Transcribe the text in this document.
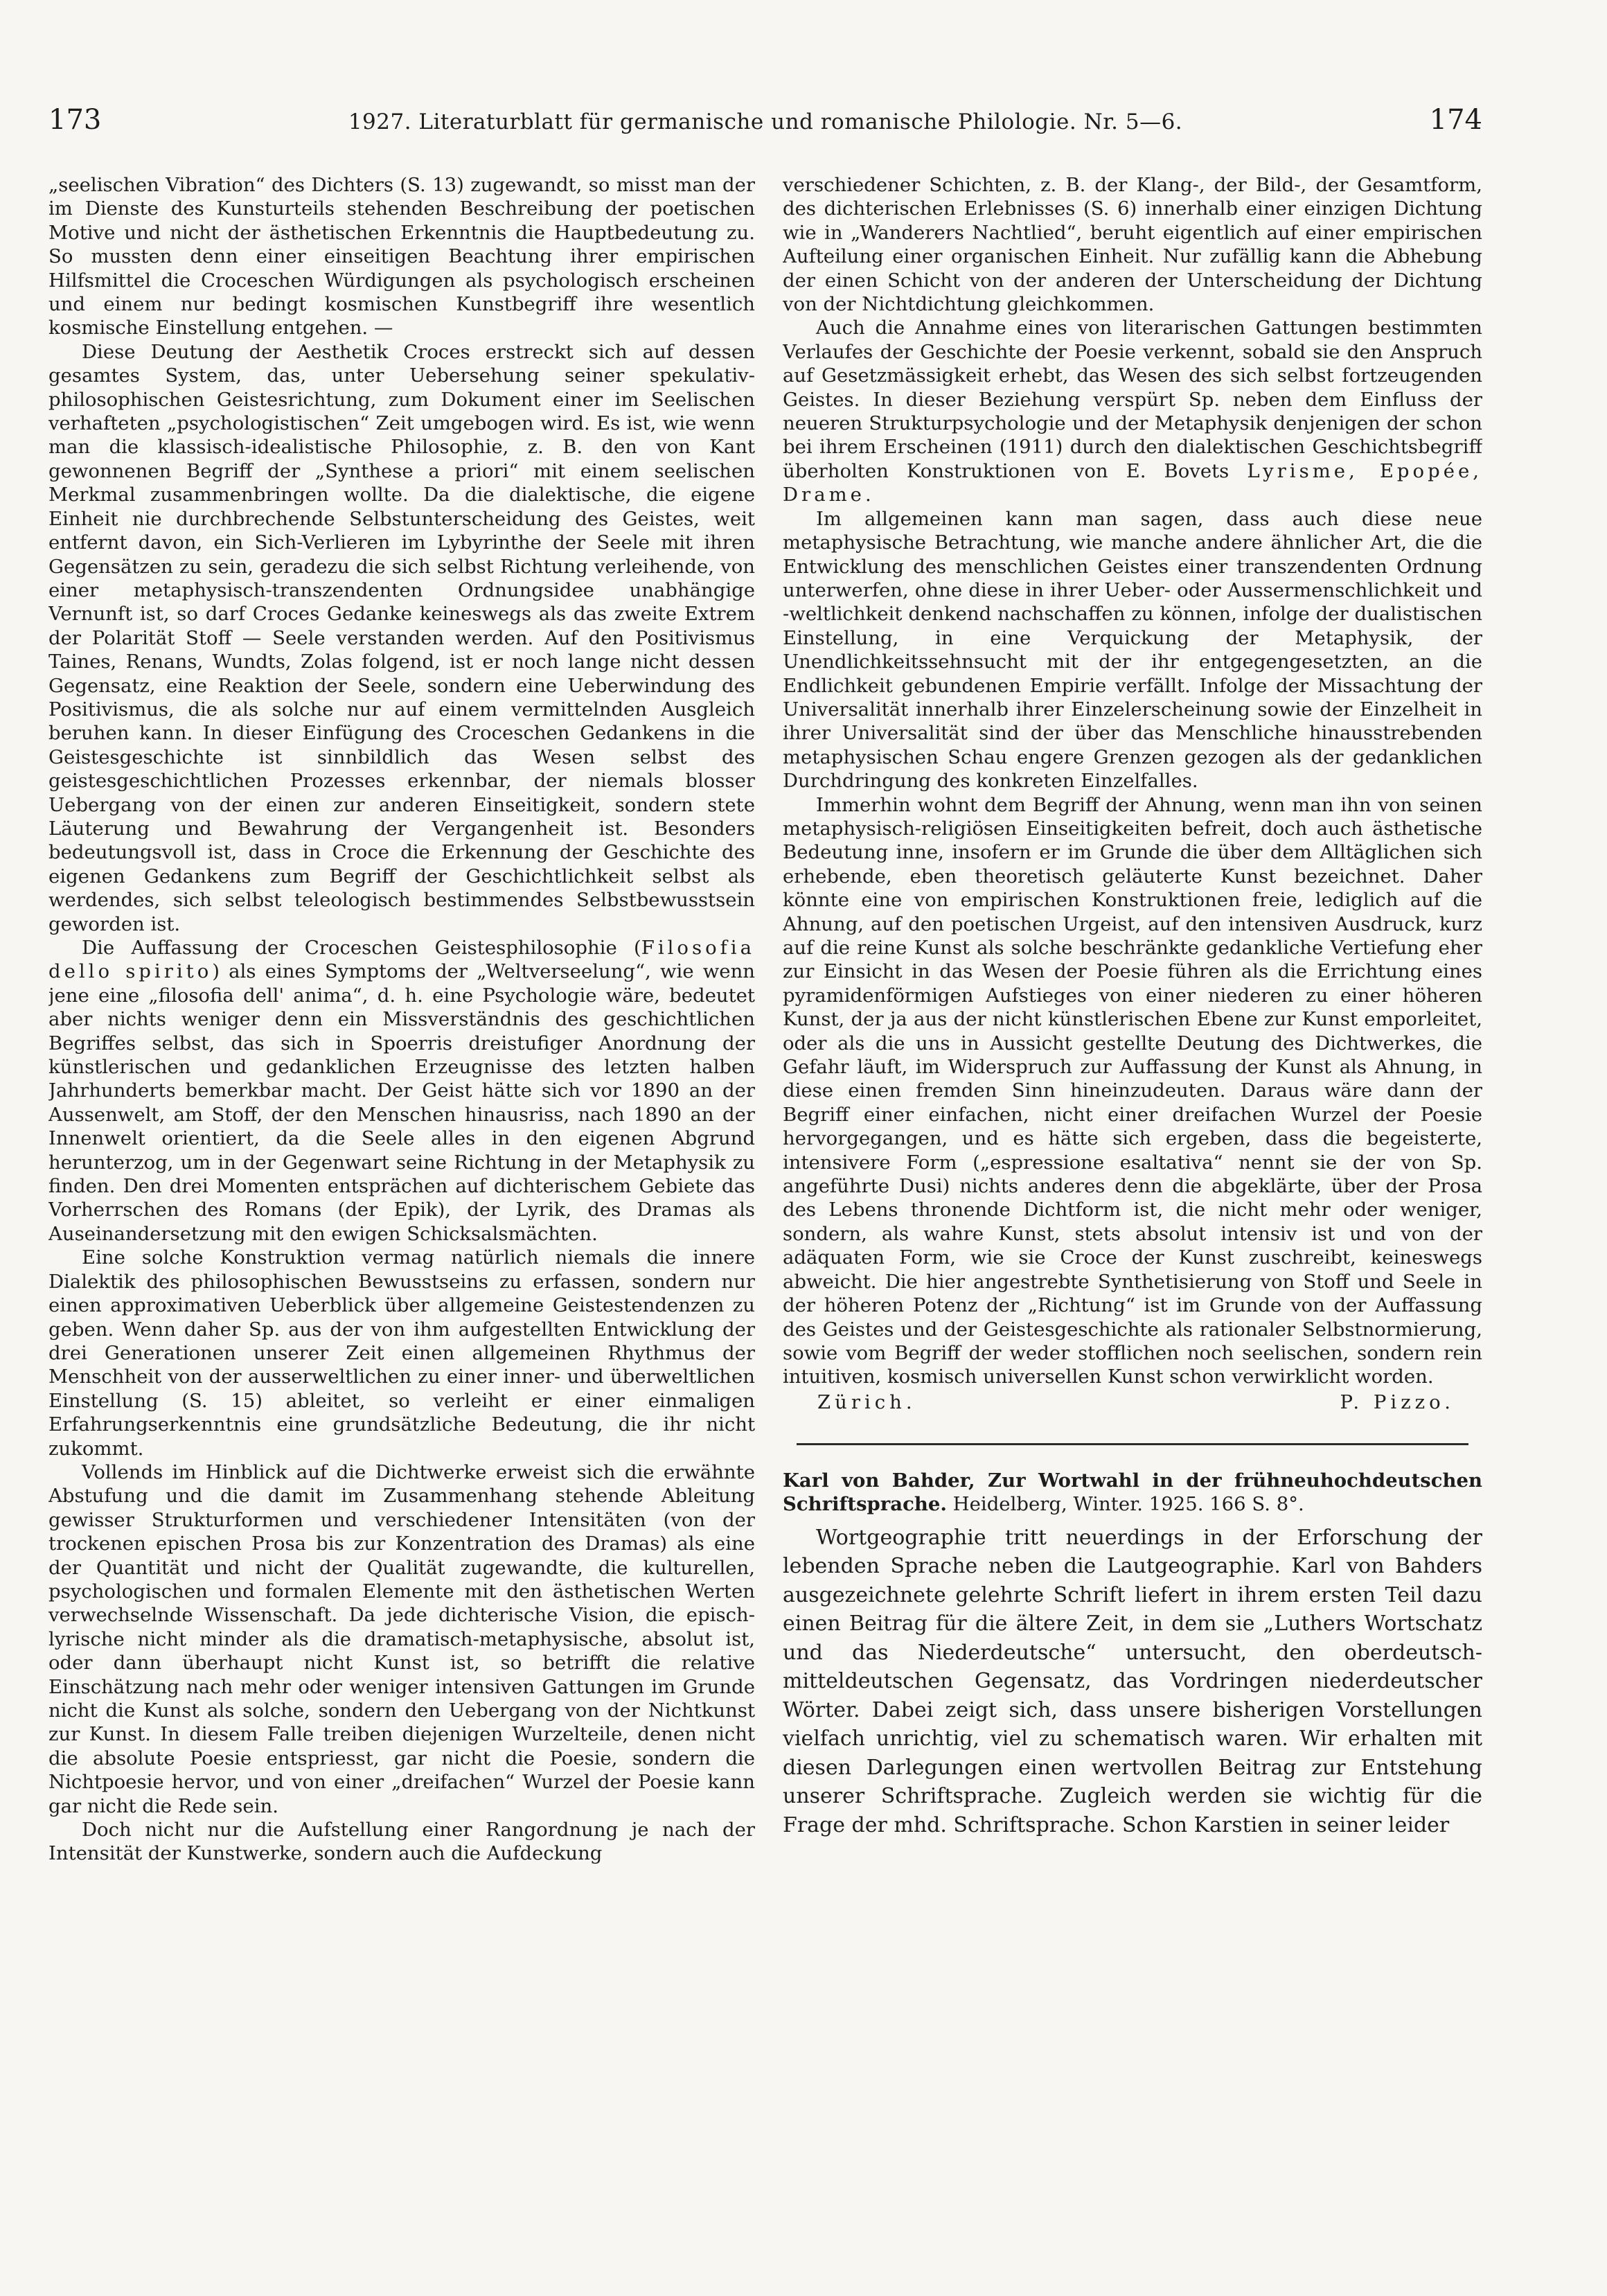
173	1927. Literaturblatt für germanische und romanische Philologie. Nr. 5—6.	174

„seelischen Vibration“ des Dichters (S. 13) zugewandt, so misst man der im Dienste des Kunsturteils stehenden Beschreibung der poetischen Motive und nicht der ästhetischen Erkenntnis die Hauptbedeutung zu. So mussten denn einer einseitigen Beachtung ihrer empirischen Hilfsmittel die Croceschen Würdigungen als psychologisch erscheinen und einem nur bedingt kosmischen Kunstbegriff ihre wesentlich kosmische Einstellung entgehen. —

Diese Deutung der Aesthetik Croces erstreckt sich auf dessen gesamtes System, das, unter Uebersehung seiner spekulativ-philosophischen Geistesrichtung, zum Dokument einer im Seelischen verhafteten „psychologistischen“ Zeit umgebogen wird. Es ist, wie wenn man die klassisch-idealistische Philosophie, z. B. den von Kant gewonnenen Begriff der „Synthese a priori“ mit einem seelischen Merkmal zusammenbringen wollte. Da die dialektische, die eigene Einheit nie durchbrechende Selbstunterscheidung des Geistes, weit entfernt davon, ein Sich-Verlieren im Lybyrinthe der Seele mit ihren Gegensätzen zu sein, geradezu die sich selbst Richtung verleihende, von einer metaphysisch-transzendenten Ordnungsidee unabhängige Vernunft ist, so darf Croces Gedanke keineswegs als das zweite Extrem der Polarität Stoff — Seele verstanden werden. Auf den Positivismus Taines, Renans, Wundts, Zolas folgend, ist er noch lange nicht dessen Gegensatz, eine Reaktion der Seele, sondern eine Ueberwindung des Positivismus, die als solche nur auf einem vermittelnden Ausgleich beruhen kann. In dieser Einfügung des Croceschen Gedankens in die Geistesgeschichte ist sinnbildlich das Wesen selbst des geistesgeschichtlichen Prozesses erkennbar, der niemals blosser Uebergang von der einen zur anderen Einseitigkeit, sondern stete Läuterung und Bewahrung der Vergangenheit ist. Besonders bedeutungsvoll ist, dass in Croce die Erkennung der Geschichte des eigenen Gedankens zum Begriff der Geschichtlichkeit selbst als werdendes, sich selbst teleologisch bestimmendes Selbstbewusstsein geworden ist.

Die Auffassung der Croceschen Geistesphilosophie (Filosofia dello spirito) als eines Symptoms der „Weltverseelung“, wie wenn jene eine „filosofia dell' anima“, d. h. eine Psychologie wäre, bedeutet aber nichts weniger denn ein Missverständnis des geschichtlichen Begriffes selbst, das sich in Spoerris dreistufiger Anordnung der künstlerischen und gedanklichen Erzeugnisse des letzten halben Jahrhunderts bemerkbar macht. Der Geist hätte sich vor 1890 an der Aussenwelt, am Stoff, der den Menschen hinausriss, nach 1890 an der Innenwelt orientiert, da die Seele alles in den eigenen Abgrund herunterzog, um in der Gegenwart seine Richtung in der Metaphysik zu finden. Den drei Momenten entsprächen auf dichterischem Gebiete das Vorherrschen des Romans (der Epik), der Lyrik, des Dramas als Auseinandersetzung mit den ewigen Schicksalsmächten.

Eine solche Konstruktion vermag natürlich niemals die innere Dialektik des philosophischen Bewusstseins zu erfassen, sondern nur einen approximativen Ueberblick über allgemeine Geistestendenzen zu geben. Wenn daher Sp. aus der von ihm aufgestellten Entwicklung der drei Generationen unserer Zeit einen allgemeinen Rhythmus der Menschheit von der ausserweltlichen zu einer inner- und überweltlichen Einstellung (S. 15) ableitet, so verleiht er einer einmaligen Erfahrungserkenntnis eine grundsätzliche Bedeutung, die ihr nicht zukommt.

Vollends im Hinblick auf die Dichtwerke erweist sich die erwähnte Abstufung und die damit im Zusammenhang stehende Ableitung gewisser Strukturformen und verschiedener Intensitäten (von der trockenen epischen Prosa bis zur Konzentration des Dramas) als eine der Quantität und nicht der Qualität zugewandte, die kulturellen, psychologischen und formalen Elemente mit den ästhetischen Werten verwechselnde Wissenschaft. Da jede dichterische Vision, die episch-lyrische nicht minder als die dramatisch-metaphysische, absolut ist, oder dann überhaupt nicht Kunst ist, so betrifft die relative Einschätzung nach mehr oder weniger intensiven Gattungen im Grunde nicht die Kunst als solche, sondern den Uebergang von der Nichtkunst zur Kunst. In diesem Falle treiben diejenigen Wurzelteile, denen nicht die absolute Poesie entspriesst, gar nicht die Poesie, sondern die Nichtpoesie hervor, und von einer „dreifachen“ Wurzel der Poesie kann gar nicht die Rede sein.

Doch nicht nur die Aufstellung einer Rangordnung je nach der Intensität der Kunstwerke, sondern auch die Aufdeckung

verschiedener Schichten, z. B. der Klang-, der Bild-, der Gesamtform, des dichterischen Erlebnisses (S. 6) innerhalb einer einzigen Dichtung wie in „Wanderers Nachtlied“, beruht eigentlich auf einer empirischen Aufteilung einer organischen Einheit. Nur zufällig kann die Abhebung der einen Schicht von der anderen der Unterscheidung der Dichtung von der Nichtdichtung gleichkommen.

Auch die Annahme eines von literarischen Gattungen bestimmten Verlaufes der Geschichte der Poesie verkennt, sobald sie den Anspruch auf Gesetzmässigkeit erhebt, das Wesen des sich selbst fortzeugenden Geistes. In dieser Beziehung verspürt Sp. neben dem Einfluss der neueren Strukturpsychologie und der Metaphysik denjenigen der schon bei ihrem Erscheinen (1911) durch den dialektischen Geschichtsbegriff überholten Konstruktionen von E. Bovets Lyrisme, Epopée, Drame.

Im allgemeinen kann man sagen, dass auch diese neue metaphysische Betrachtung, wie manche andere ähnlicher Art, die die Entwicklung des menschlichen Geistes einer transzendenten Ordnung unterwerfen, ohne diese in ihrer Ueber- oder Aussermenschlichkeit und -weltlichkeit denkend nachschaffen zu können, infolge der dualistischen Einstellung, in eine Verquickung der Metaphysik, der Unendlichkeitssehnsucht mit der ihr entgegengesetzten, an die Endlichkeit gebundenen Empirie verfällt. Infolge der Missachtung der Universalität innerhalb ihrer Einzelerscheinung sowie der Einzelheit in ihrer Universalität sind der über das Menschliche hinausstrebenden metaphysischen Schau engere Grenzen gezogen als der gedanklichen Durchdringung des konkreten Einzelfalles.

Immerhin wohnt dem Begriff der Ahnung, wenn man ihn von seinen metaphysisch-religiösen Einseitigkeiten befreit, doch auch ästhetische Bedeutung inne, insofern er im Grunde die über dem Alltäglichen sich erhebende, eben theoretisch geläuterte Kunst bezeichnet. Daher könnte eine von empirischen Konstruktionen freie, lediglich auf die Ahnung, auf den poetischen Urgeist, auf den intensiven Ausdruck, kurz auf die reine Kunst als solche beschränkte gedankliche Vertiefung eher zur Einsicht in das Wesen der Poesie führen als die Errichtung eines pyramidenförmigen Aufstieges von einer niederen zu einer höheren Kunst, der ja aus der nicht künstlerischen Ebene zur Kunst emporleitet, oder als die uns in Aussicht gestellte Deutung des Dichtwerkes, die Gefahr läuft, im Widerspruch zur Auffassung der Kunst als Ahnung, in diese einen fremden Sinn hineinzudeuten. Daraus wäre dann der Begriff einer einfachen, nicht einer dreifachen Wurzel der Poesie hervorgegangen, und es hätte sich ergeben, dass die begeisterte, intensivere Form („espressione esaltativa“ nennt sie der von Sp. angeführte Dusi) nichts anderes denn die abgeklärte, über der Prosa des Lebens thronende Dichtform ist, die nicht mehr oder weniger, sondern, als wahre Kunst, stets absolut intensiv ist und von der adäquaten Form, wie sie Croce der Kunst zuschreibt, keineswegs abweicht. Die hier angestrebte Synthetisierung von Stoff und Seele in der höheren Potenz der „Richtung“ ist im Grunde von der Auffassung des Geistes und der Geistesgeschichte als rationaler Selbstnormierung, sowie vom Begriff der weder stofflichen noch seelischen, sondern rein intuitiven, kosmisch universellen Kunst schon verwirklicht worden.

Zürich.	P. Pizzo.
Karl von Bahder, Zur Wortwahl in der frühneuhochdeutschen Schriftsprache. Heidelberg, Winter. 1925. 166 S. 8°.

Wortgeographie tritt neuerdings in der Erforschung der lebenden Sprache neben die Lautgeographie. Karl von Bahders ausgezeichnete gelehrte Schrift liefert in ihrem ersten Teil dazu einen Beitrag für die ältere Zeit, in dem sie „Luthers Wortschatz und das Niederdeutsche“ untersucht, den oberdeutsch-mitteldeutschen Gegensatz, das Vordringen niederdeutscher Wörter. Dabei zeigt sich, dass unsere bisherigen Vorstellungen vielfach unrichtig, viel zu schematisch waren. Wir erhalten mit diesen Darlegungen einen wertvollen Beitrag zur Entstehung unserer Schriftsprache. Zugleich werden sie wichtig für die Frage der mhd. Schriftsprache. Schon Karstien in seiner leider
